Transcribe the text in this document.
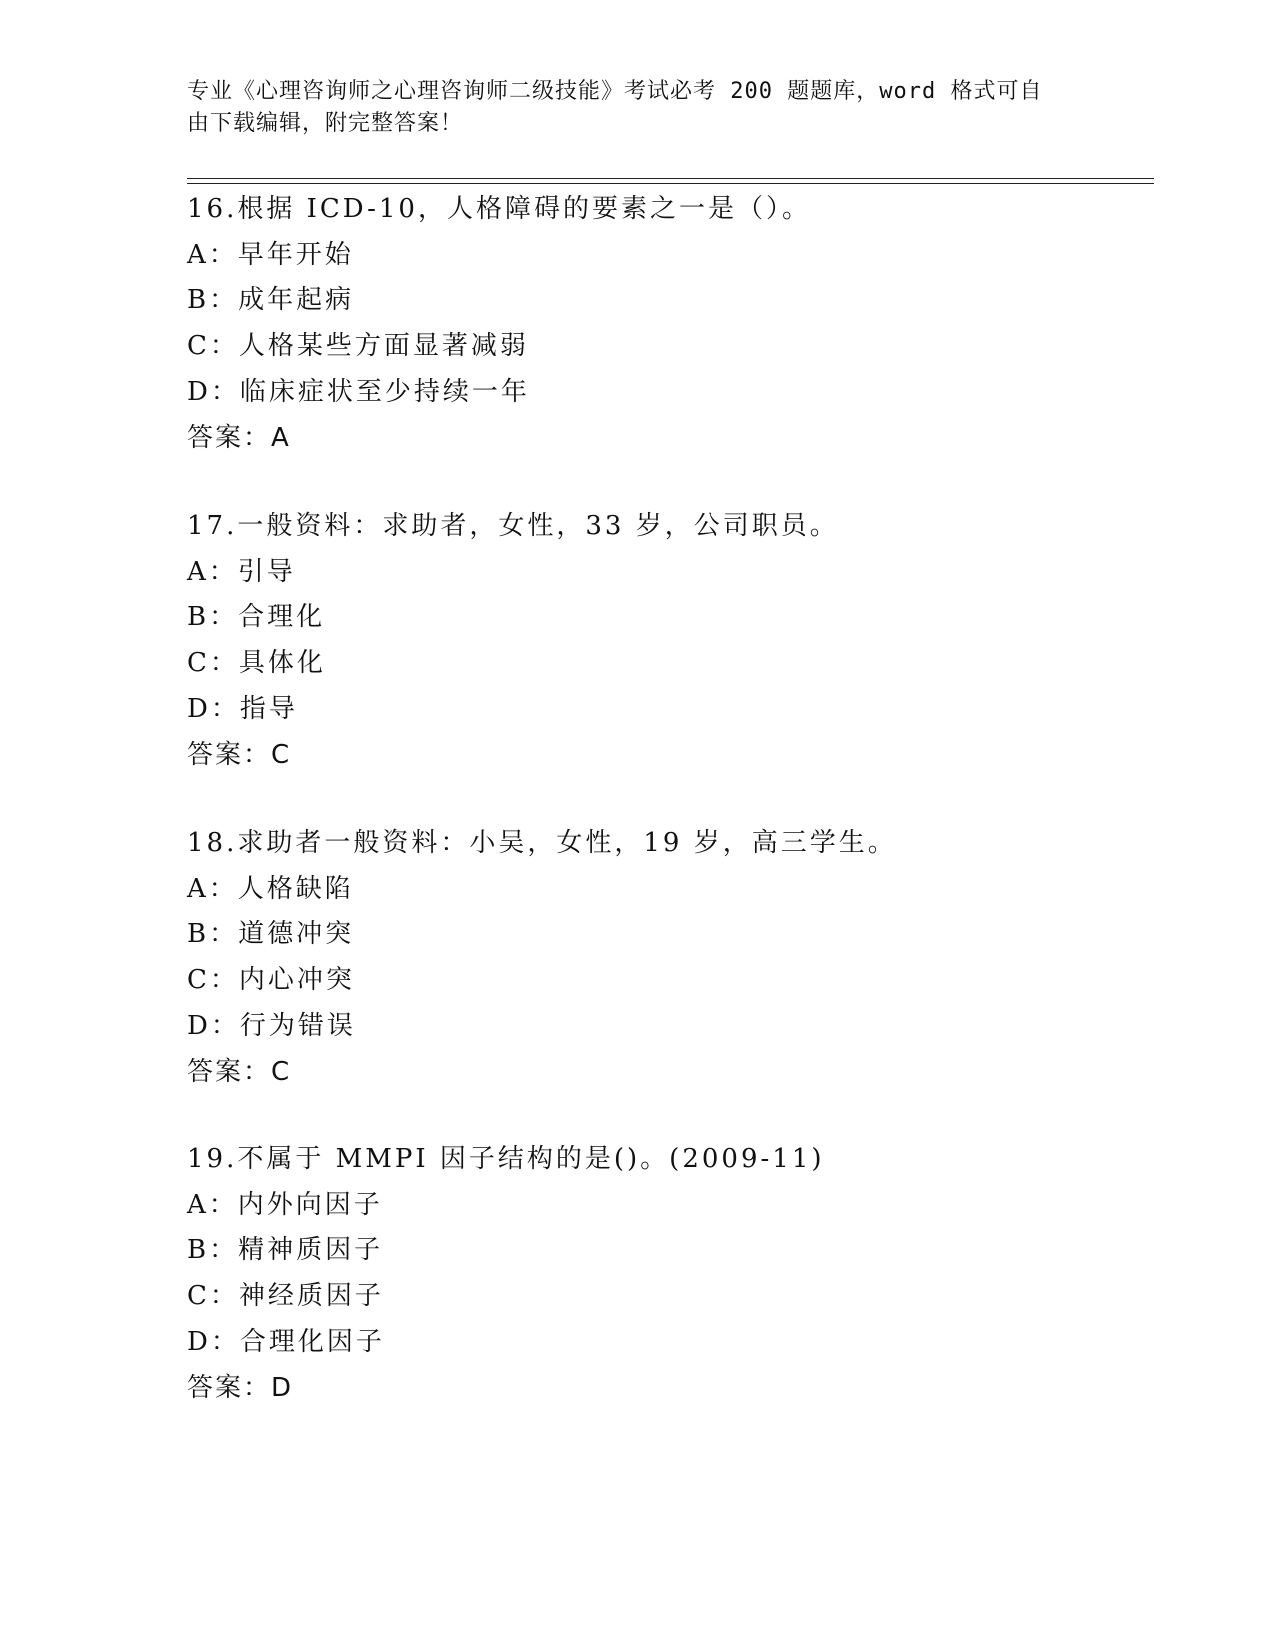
专业《心理咨询师之心理咨询师二级技能》考试必考 200 题题库，word 格式可自
由下载编辑，附完整答案！
16.根据 ICD-10，人格障碍的要素之一是（）。
A：早年开始
B：成年起病
C：人格某些方面显著减弱
D：临床症状至少持续一年
答案：A
17.一般资料：求助者，女性，33 岁，公司职员。
A：引导
B：合理化
C：具体化
D：指导
答案：C
18.求助者一般资料：小吴，女性，19 岁，高三学生。
A：人格缺陷
B：道德冲突
C：内心冲突
D：行为错误
答案：C
19.不属于 MMPI 因子结构的是()。(2009-11)
A：内外向因子
B：精神质因子
C：神经质因子
D：合理化因子
答案：D
